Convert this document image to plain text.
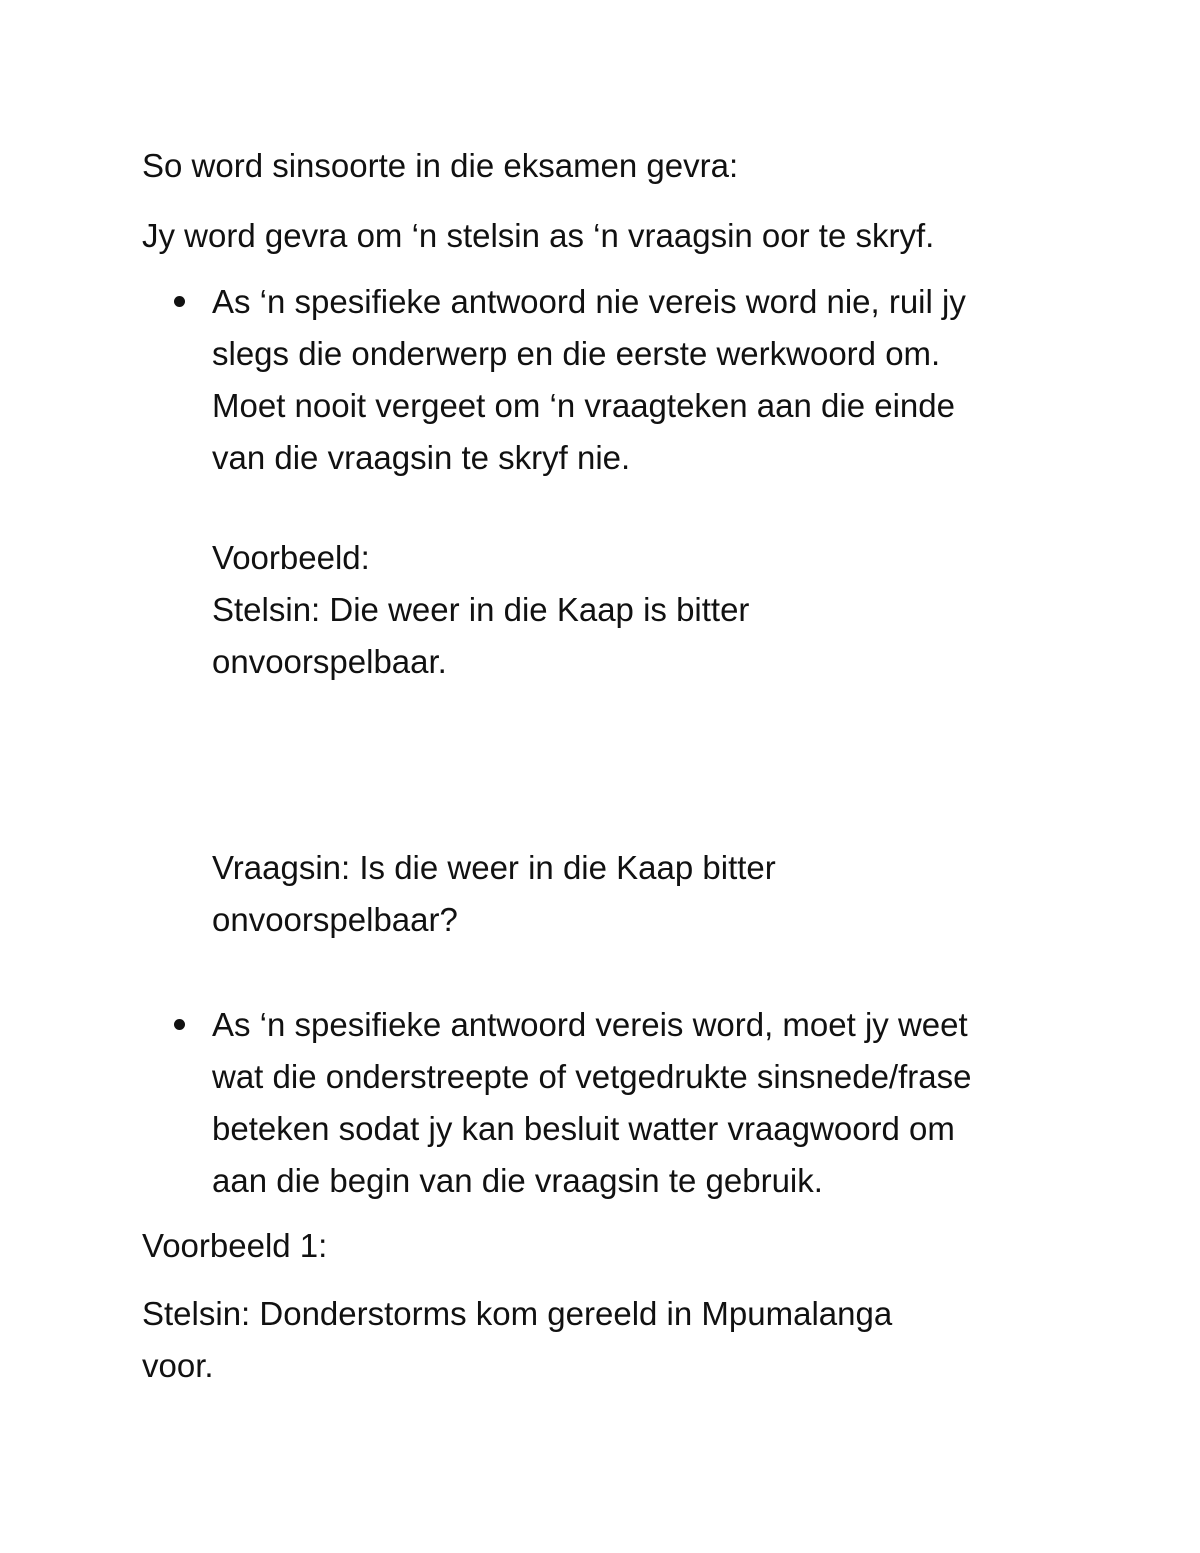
So word sinsoorte in die eksamen gevra:

Jy word gevra om ‘n stelsin as ‘n vraagsin oor te skryf.

As ‘n spesifieke antwoord nie vereis word nie, ruil jy

slegs die onderwerp en die eerste werkwoord om.

Moet nooit vergeet om ‘n vraagteken aan die einde

van die vraagsin te skryf nie.

Voorbeeld:

Stelsin: Die weer in die Kaap is bitter

onvoorspelbaar.

Vraagsin: Is die weer in die Kaap bitter

onvoorspelbaar?

As ‘n spesifieke antwoord vereis word, moet jy weet

wat die onderstreepte of vetgedrukte sinsnede/frase

beteken sodat jy kan besluit watter vraagwoord om

aan die begin van die vraagsin te gebruik.

Voorbeeld 1:

Stelsin: Donderstorms kom gereeld in Mpumalanga

voor.
